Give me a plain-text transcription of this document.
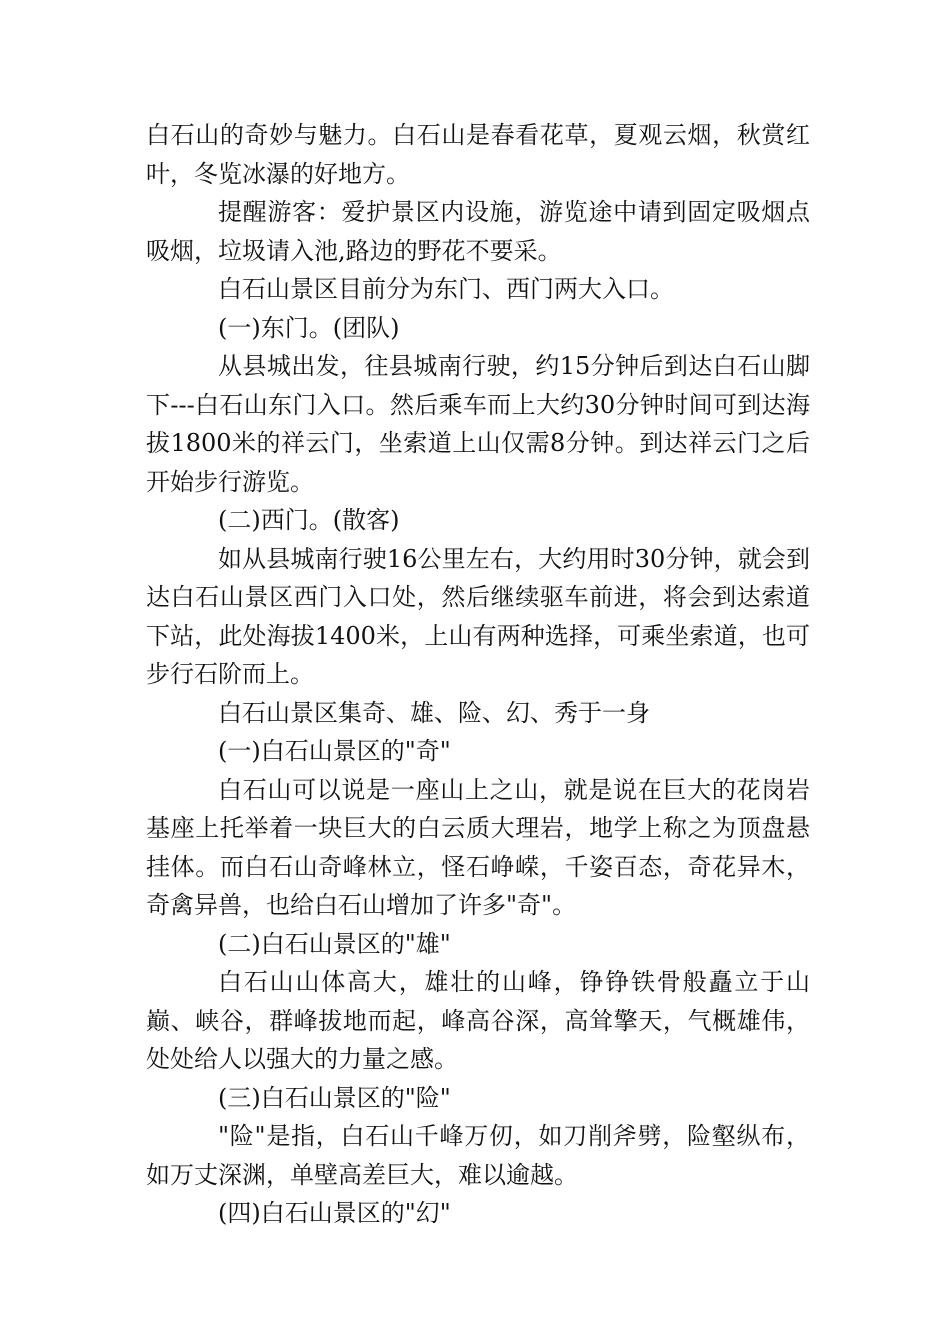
白石山的奇妙与魅力。白石山是春看花草，夏观云烟，秋赏红叶，冬览冰瀑的好地方。

提醒游客：爱护景区内设施，游览途中请到固定吸烟点吸烟，垃圾请入池,路边的野花不要采。

白石山景区目前分为东门、西门两大入口。

(一)东门。(团队)

从县城出发，往县城南行驶，约15分钟后到达白石山脚下---白石山东门入口。然后乘车而上大约30分钟时间可到达海拔1800米的祥云门，坐索道上山仅需8分钟。到达祥云门之后开始步行游览。

(二)西门。(散客)

如从县城南行驶16公里左右，大约用时30分钟，就会到达白石山景区西门入口处，然后继续驱车前进，将会到达索道下站，此处海拔1400米，上山有两种选择，可乘坐索道，也可步行石阶而上。

白石山景区集奇、雄、险、幻、秀于一身

(一)白石山景区的"奇"

白石山可以说是一座山上之山，就是说在巨大的花岗岩基座上托举着一块巨大的白云质大理岩，地学上称之为顶盘悬挂体。而白石山奇峰林立，怪石峥嵘，千姿百态，奇花异木，奇禽异兽，也给白石山增加了许多"奇"。

(二)白石山景区的"雄"

白石山山体高大，雄壮的山峰，铮铮铁骨般矗立于山巅、峡谷，群峰拔地而起，峰高谷深，高耸擎天，气概雄伟，处处给人以强大的力量之感。

(三)白石山景区的"险"

"险"是指，白石山千峰万仞，如刀削斧劈，险壑纵布，如万丈深渊，单壁高差巨大，难以逾越。

(四)白石山景区的"幻"
